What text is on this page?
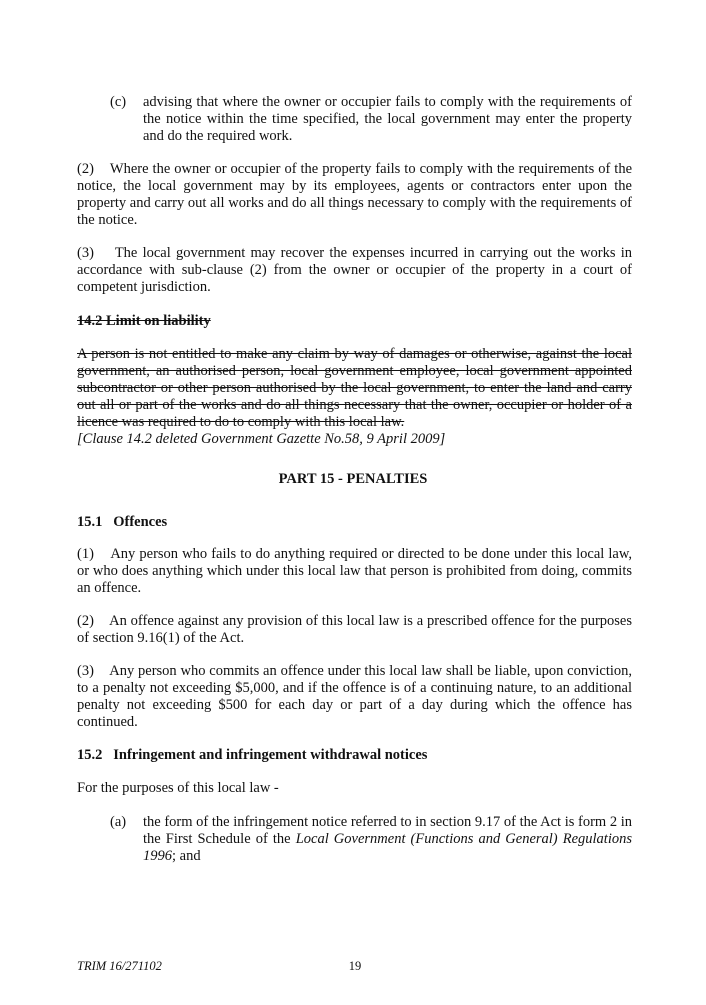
(c) advising that where the owner or occupier fails to comply with the requirements of the notice within the time specified, the local government may enter the property and do the required work.
(2) Where the owner or occupier of the property fails to comply with the requirements of the notice, the local government may by its employees, agents or contractors enter upon the property and carry out all works and do all things necessary to comply with the requirements of the notice.
(3) The local government may recover the expenses incurred in carrying out the works in accordance with sub-clause (2) from the owner or occupier of the property in a court of competent jurisdiction.
14.2 Limit on liability
A person is not entitled to make any claim by way of damages or otherwise, against the local government, an authorised person, local government employee, local government appointed subcontractor or other person authorised by the local government, to enter the land and carry out all or part of the works and do all things necessary that the owner, occupier or holder of a licence was required to do to comply with this local law.
[Clause 14.2 deleted Government Gazette No.58, 9 April 2009]
PART 15 - PENALTIES
15.1 Offences
(1) Any person who fails to do anything required or directed to be done under this local law, or who does anything which under this local law that person is prohibited from doing, commits an offence.
(2) An offence against any provision of this local law is a prescribed offence for the purposes of section 9.16(1) of the Act.
(3) Any person who commits an offence under this local law shall be liable, upon conviction, to a penalty not exceeding $5,000, and if the offence is of a continuing nature, to an additional penalty not exceeding $500 for each day or part of a day during which the offence has continued.
15.2 Infringement and infringement withdrawal notices
For the purposes of this local law -
(a) the form of the infringement notice referred to in section 9.17 of the Act is form 2 in the First Schedule of the Local Government (Functions and General) Regulations 1996; and
TRIM 16/271102	19
